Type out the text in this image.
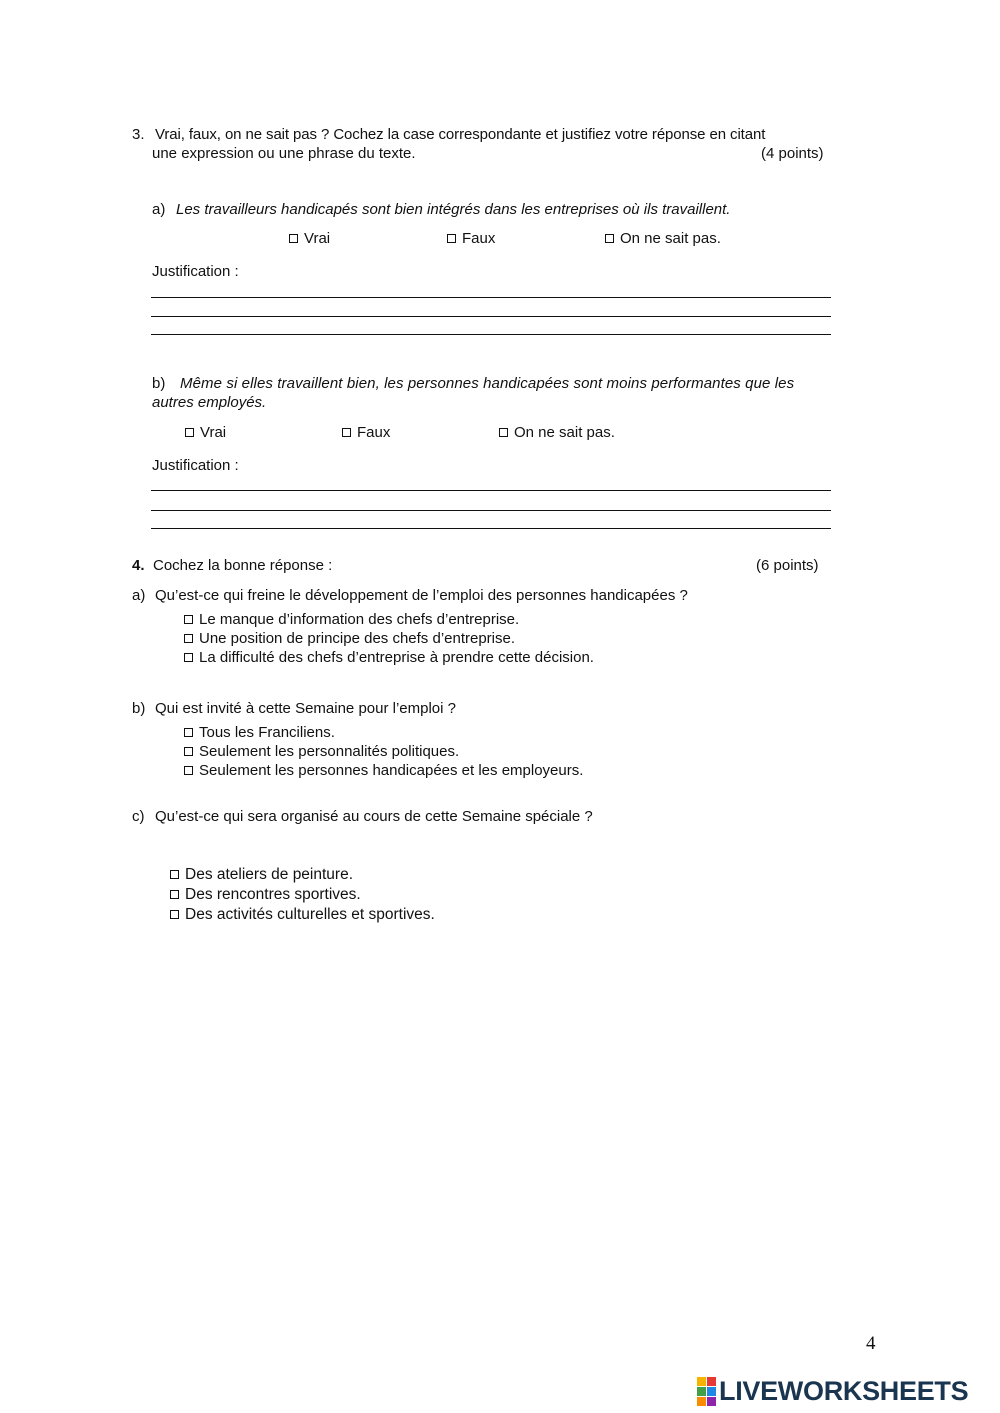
3. Vrai, faux, on ne sait pas ? Cochez la case correspondante et justifiez votre réponse en citant
une expression ou une phrase du texte.	(4 points)
a) Les travailleurs handicapés sont bien intégrés dans les entreprises où ils travaillent.
Vrai	Faux	On ne sait pas.
Justification :
b) Même si elles travaillent bien, les personnes handicapées sont moins performantes que les
autres employés.
Vrai	Faux	On ne sait pas.
Justification :
4. Cochez la bonne réponse :	(6 points)
a) Qu’est-ce qui freine le développement de l’emploi des personnes handicapées ?
Le manque d’information des chefs d’entreprise.
Une position de principe des chefs d’entreprise.
La difficulté des chefs d’entreprise à prendre cette décision.
b) Qui est invité à cette Semaine pour l’emploi ?
Tous les Franciliens.
Seulement les personnalités politiques.
Seulement les personnes handicapées et les employeurs.
c) Qu’est-ce qui sera organisé au cours de cette Semaine spéciale ?
Des ateliers de peinture.
Des rencontres sportives.
Des activités culturelles et sportives.
4
LIVEWORKSHEETS
